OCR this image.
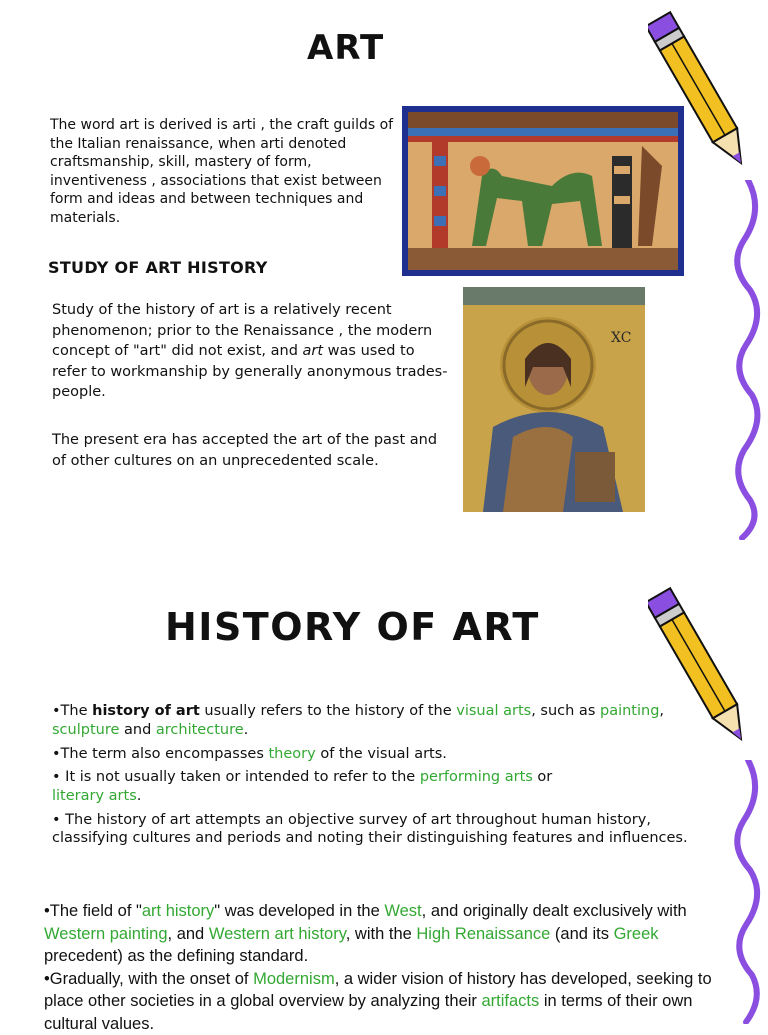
ART
The word art is derived is arti , the craft guilds of the Italian renaissance, when arti denoted craftsmanship, skill, mastery of form, inventiveness , associations that exist between form and ideas and between techniques and materials.
STUDY OF ART HISTORY
Study of the history of art is a relatively recent phenomenon; prior to the Renaissance , the modern concept of "art" did not exist, and art was used to refer to workmanship by generally anonymous trades-people.
The present era has accepted the art of the past and of other cultures on an unprecedented scale.
XC
HISTORY OF ART
•The history of art usually refers to the history of the visual arts, such as painting, sculpture and architecture.
•The term also encompasses theory of the visual arts.
• It is not usually taken or intended to refer to the performing arts or
literary arts.
• The history of art attempts an objective survey of art throughout human history, classifying cultures and periods and noting their distinguishing features and influences.
•The field of "art history" was developed in the West, and originally dealt exclusively with Western painting, and Western art history, with the High Renaissance (and its Greek precedent) as the defining standard.
•Gradually, with the onset of Modernism, a wider vision of history has developed, seeking to place other societies in a global overview by analyzing their artifacts in terms of their own cultural values.
